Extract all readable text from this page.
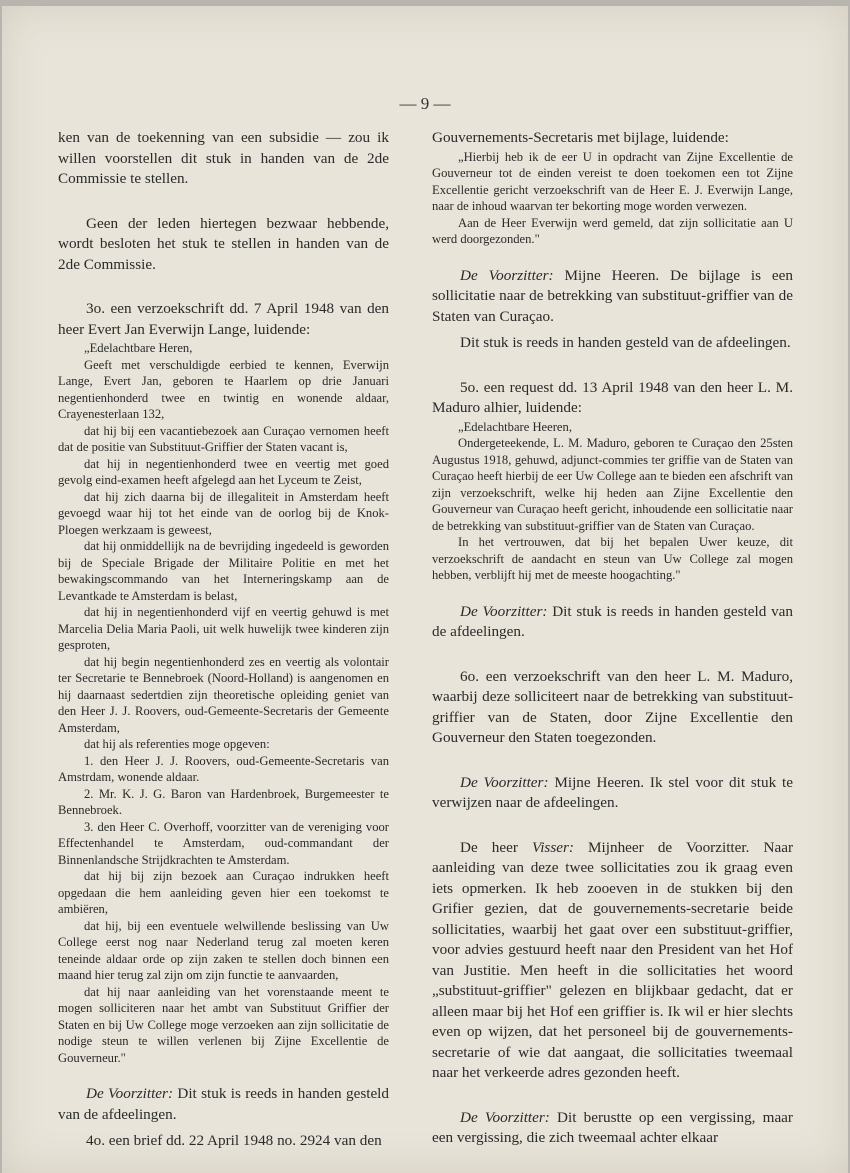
— 9 —

ken van de toekenning van een subsidie — zou ik willen voorstellen dit stuk in handen van de 2de Commissie te stellen.

Geen der leden hiertegen bezwaar hebbende, wordt besloten het stuk te stellen in handen van de 2de Commissie.

3o. een verzoekschrift dd. 7 April 1948 van den heer Evert Jan Everwijn Lange, luidende:

„Edelachtbare Heren,

Geeft met verschuldigde eerbied te kennen, Everwijn Lange, Evert Jan, geboren te Haarlem op drie Januari negentienhonderd twee en twintig en wonende aldaar, Crayenesterlaan 132,

dat hij bij een vacantiebezoek aan Curaçao vernomen heeft dat de positie van Substituut-Griffier der Staten vacant is,

dat hij in negentienhonderd twee en veertig met goed gevolg eind-examen heeft afgelegd aan het Lyceum te Zeist,

dat hij zich daarna bij de illegaliteit in Amsterdam heeft gevoegd waar hij tot het einde van de oorlog bij de Knok-Ploegen werkzaam is geweest,

dat hij onmiddellijk na de bevrijding ingedeeld is geworden bij de Speciale Brigade der Militaire Politie en met het bewakingscommando van het Interneringskamp aan de Levantkade te Amsterdam is belast,

dat hij in negentienhonderd vijf en veertig gehuwd is met Marcelia Delia Maria Paoli, uit welk huwelijk twee kinderen zijn gesproten,

dat hij begin negentienhonderd zes en veertig als volontair ter Secretarie te Bennebroek (Noord-Holland) is aangenomen en hij daarnaast sedertdien zijn theoretische opleiding geniet van den Heer J. J. Roovers, oud-Gemeente-Secretaris der Gemeente Amsterdam,

dat hij als referenties moge opgeven:

1. den Heer J. J. Roovers, oud-Gemeente-Secretaris van Amstrdam, wonende aldaar.

2. Mr. K. J. G. Baron van Hardenbroek, Burgemeester te Bennebroek.

3. den Heer C. Overhoff, voorzitter van de vereniging voor Effectenhandel te Amsterdam, oud-commandant der Binnenlandsche Strijdkrachten te Amsterdam.

dat hij bij zijn bezoek aan Curaçao indrukken heeft opgedaan die hem aanleiding geven hier een toekomst te ambiëren,

dat hij, bij een eventuele welwillende beslissing van Uw College eerst nog naar Nederland terug zal moeten keren teneinde aldaar orde op zijn zaken te stellen doch binnen een maand hier terug zal zijn om zijn functie te aanvaarden,

dat hij naar aanleiding van het vorenstaande meent te mogen solliciteren naar het ambt van Substituut Griffier der Staten en bij Uw College moge verzoeken aan zijn sollicitatie de nodige steun te willen verlenen bij Zijne Excellentie de Gouverneur."

De Voorzitter: Dit stuk is reeds in handen gesteld van de afdeelingen.

4o. een brief dd. 22 April 1948 no. 2924 van den

Gouvernements-Secretaris met bijlage, luidende:

„Hierbij heb ik de eer U in opdracht van Zijne Excellentie de Gouverneur tot de einden vereist te doen toekomen een tot Zijne Excellentie gericht verzoekschrift van de Heer E. J. Everwijn Lange, naar de inhoud waarvan ter bekorting moge worden verwezen.

Aan de Heer Everwijn werd gemeld, dat zijn sollicitatie aan U werd doorgezonden."

De Voorzitter: Mijne Heeren. De bijlage is een sollicitatie naar de betrekking van substituut-griffier van de Staten van Curaçao.

Dit stuk is reeds in handen gesteld van de afdeelingen.

5o. een request dd. 13 April 1948 van den heer L. M. Maduro alhier, luidende:

„Edelachtbare Heeren,

Ondergeteekende, L. M. Maduro, geboren te Curaçao den 25sten Augustus 1918, gehuwd, adjunct-commies ter griffie van de Staten van Curaçao heeft hierbij de eer Uw College aan te bieden een afschrift van zijn verzoekschrift, welke hij heden aan Zijne Excellentie den Gouverneur van Curaçao heeft gericht, inhoudende een sollicitatie naar de betrekking van substituut-griffier van de Staten van Curaçao.

In het vertrouwen, dat bij het bepalen Uwer keuze, dit verzoekschrift de aandacht en steun van Uw College zal mogen hebben, verblijft hij met de meeste hoogachting."

De Voorzitter: Dit stuk is reeds in handen gesteld van de afdeelingen.

6o. een verzoekschrift van den heer L. M. Maduro, waarbij deze solliciteert naar de betrekking van substituut-griffier van de Staten, door Zijne Excellentie den Gouverneur den Staten toegezonden.

De Voorzitter: Mijne Heeren. Ik stel voor dit stuk te verwijzen naar de afdeelingen.

De heer Visser: Mijnheer de Voorzitter. Naar aanleiding van deze twee sollicitaties zou ik graag even iets opmerken. Ik heb zooeven in de stukken bij den Grifier gezien, dat de gouvernements-secretarie beide sollicitaties, waarbij het gaat over een substituut-griffier, voor advies gestuurd heeft naar den President van het Hof van Justitie. Men heeft in die sollicitaties het woord „substituut-griffier" gelezen en blijkbaar gedacht, dat er alleen maar bij het Hof een griffier is. Ik wil er hier slechts even op wijzen, dat het personeel bij de gouvernements-secretarie of wie dat aangaat, die sollicitaties tweemaal naar het verkeerde adres gezonden heeft.

De Voorzitter: Dit berustte op een vergissing, maar een vergissing, die zich tweemaal achter elkaar
